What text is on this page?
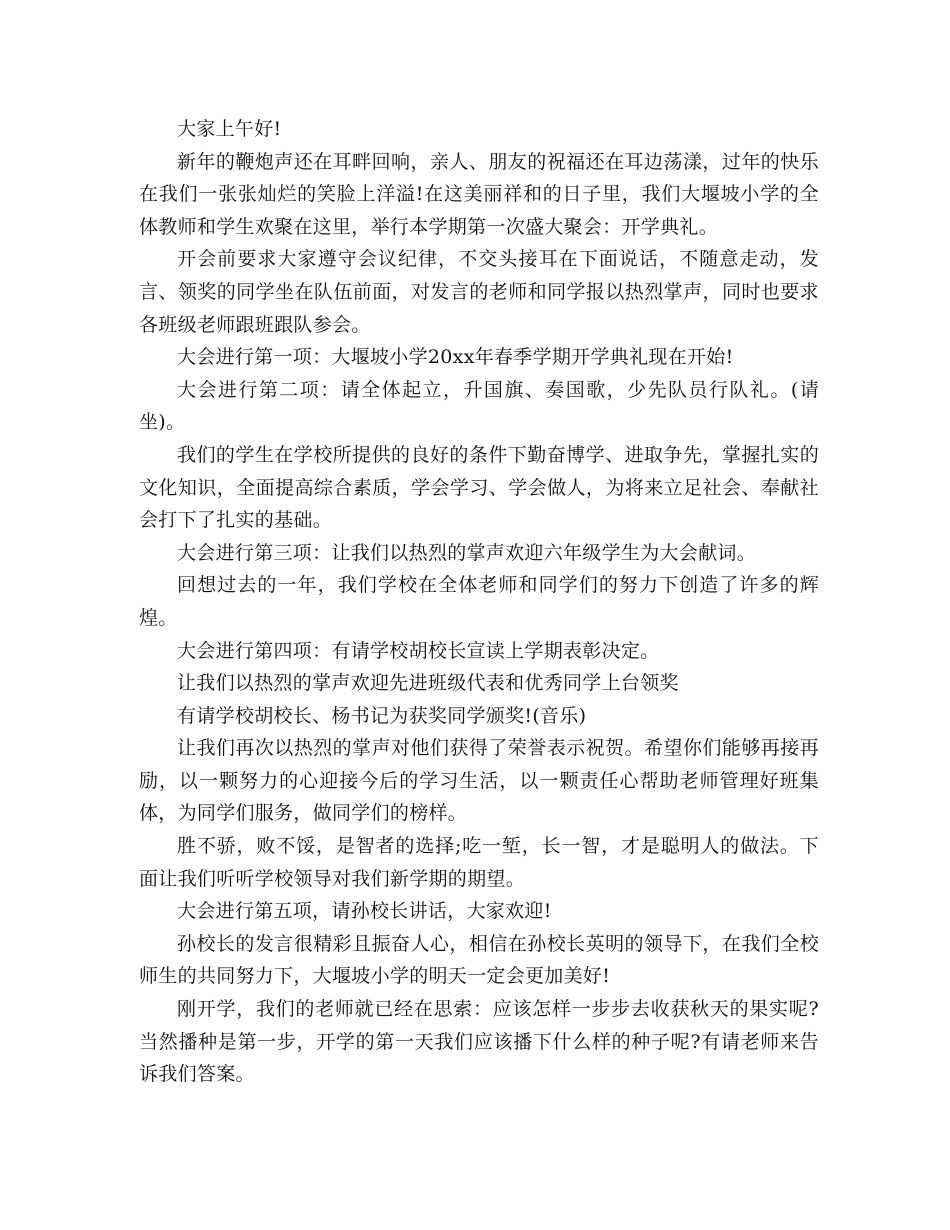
大家上午好!

新年的鞭炮声还在耳畔回响，亲人、朋友的祝福还在耳边荡漾，过年的快乐在我们一张张灿烂的笑脸上洋溢!在这美丽祥和的日子里，我们大堰坡小学的全体教师和学生欢聚在这里，举行本学期第一次盛大聚会：开学典礼。

开会前要求大家遵守会议纪律，不交头接耳在下面说话，不随意走动，发言、领奖的同学坐在队伍前面，对发言的老师和同学报以热烈掌声，同时也要求各班级老师跟班跟队参会。

大会进行第一项：大堰坡小学20xx年春季学期开学典礼现在开始!

大会进行第二项：请全体起立，升国旗、奏国歌，少先队员行队礼。(请坐)。

我们的学生在学校所提供的良好的条件下勤奋博学、进取争先，掌握扎实的文化知识，全面提高综合素质，学会学习、学会做人，为将来立足社会、奉献社会打下了扎实的基础。

大会进行第三项：让我们以热烈的掌声欢迎六年级学生为大会献词。

回想过去的一年，我们学校在全体老师和同学们的努力下创造了许多的辉煌。

大会进行第四项：有请学校胡校长宣读上学期表彰决定。

让我们以热烈的掌声欢迎先进班级代表和优秀同学上台领奖

有请学校胡校长、杨书记为获奖同学颁奖!(音乐)

让我们再次以热烈的掌声对他们获得了荣誉表示祝贺。希望你们能够再接再励，以一颗努力的心迎接今后的学习生活，以一颗责任心帮助老师管理好班集体，为同学们服务，做同学们的榜样。

胜不骄，败不馁，是智者的选择;吃一堑，长一智，才是聪明人的做法。下面让我们听听学校领导对我们新学期的期望。

大会进行第五项，请孙校长讲话，大家欢迎!

孙校长的发言很精彩且振奋人心，相信在孙校长英明的领导下，在我们全校师生的共同努力下，大堰坡小学的明天一定会更加美好!

刚开学，我们的老师就已经在思索：应该怎样一步步去收获秋天的果实呢?当然播种是第一步，开学的第一天我们应该播下什么样的种子呢?有请老师来告诉我们答案。
